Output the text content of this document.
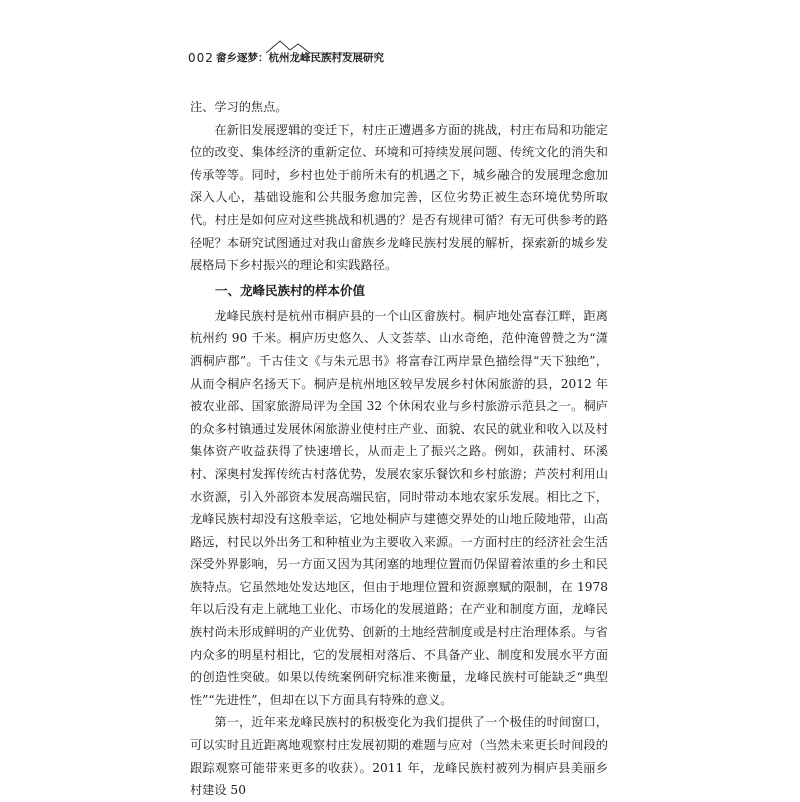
002 畲乡逐梦：杭州龙峰民族村发展研究

注、学习的焦点。

在新旧发展逻辑的变迁下，村庄正遭遇多方面的挑战，村庄布局和功能定位的改变、集体经济的重新定位、环境和可持续发展问题、传统文化的消失和传承等等。同时，乡村也处于前所未有的机遇之下，城乡融合的发展理念愈加深入人心，基础设施和公共服务愈加完善，区位劣势正被生态环境优势所取代。村庄是如何应对这些挑战和机遇的？是否有规律可循？有无可供参考的路径呢？本研究试图通过对我山畲族乡龙峰民族村发展的解析，探索新的城乡发展格局下乡村振兴的理论和实践路径。

一、龙峰民族村的样本价值

龙峰民族村是杭州市桐庐县的一个山区畲族村。桐庐地处富春江畔，距离杭州约 90 千米。桐庐历史悠久、人文荟萃、山水奇绝，范仲淹曾赞之为“潇洒桐庐郡”。千古佳文《与朱元思书》将富春江两岸景色描绘得“天下独绝”，从而令桐庐名扬天下。桐庐是杭州地区较早发展乡村休闲旅游的县，2012 年被农业部、国家旅游局评为全国 32 个休闲农业与乡村旅游示范县之一。桐庐的众多村镇通过发展休闲旅游业使村庄产业、面貌、农民的就业和收入以及村集体资产收益获得了快速增长，从而走上了振兴之路。例如，荻浦村、环溪村、深奥村发挥传统古村落优势，发展农家乐餐饮和乡村旅游；芦茨村利用山水资源，引入外部资本发展高端民宿，同时带动本地农家乐发展。相比之下，龙峰民族村却没有这般幸运，它地处桐庐与建德交界处的山地丘陵地带，山高路远，村民以外出务工和种植业为主要收入来源。一方面村庄的经济社会生活深受外界影响，另一方面又因为其闭塞的地理位置而仍保留着浓重的乡土和民族特点。它虽然地处发达地区，但由于地理位置和资源禀赋的限制，在 1978 年以后没有走上就地工业化、市场化的发展道路；在产业和制度方面，龙峰民族村尚未形成鲜明的产业优势、创新的土地经营制度或是村庄治理体系。与省内众多的明星村相比，它的发展相对落后、不具备产业、制度和发展水平方面的创造性突破。如果以传统案例研究标准来衡量，龙峰民族村可能缺乏“典型性”“先进性”，但却在以下方面具有特殊的意义。

第一，近年来龙峰民族村的积极变化为我们提供了一个极佳的时间窗口，可以实时且近距离地观察村庄发展初期的难题与应对（当然未来更长时间段的跟踪观察可能带来更多的收获）。2011 年，龙峰民族村被列为桐庐县美丽乡村建设 50
